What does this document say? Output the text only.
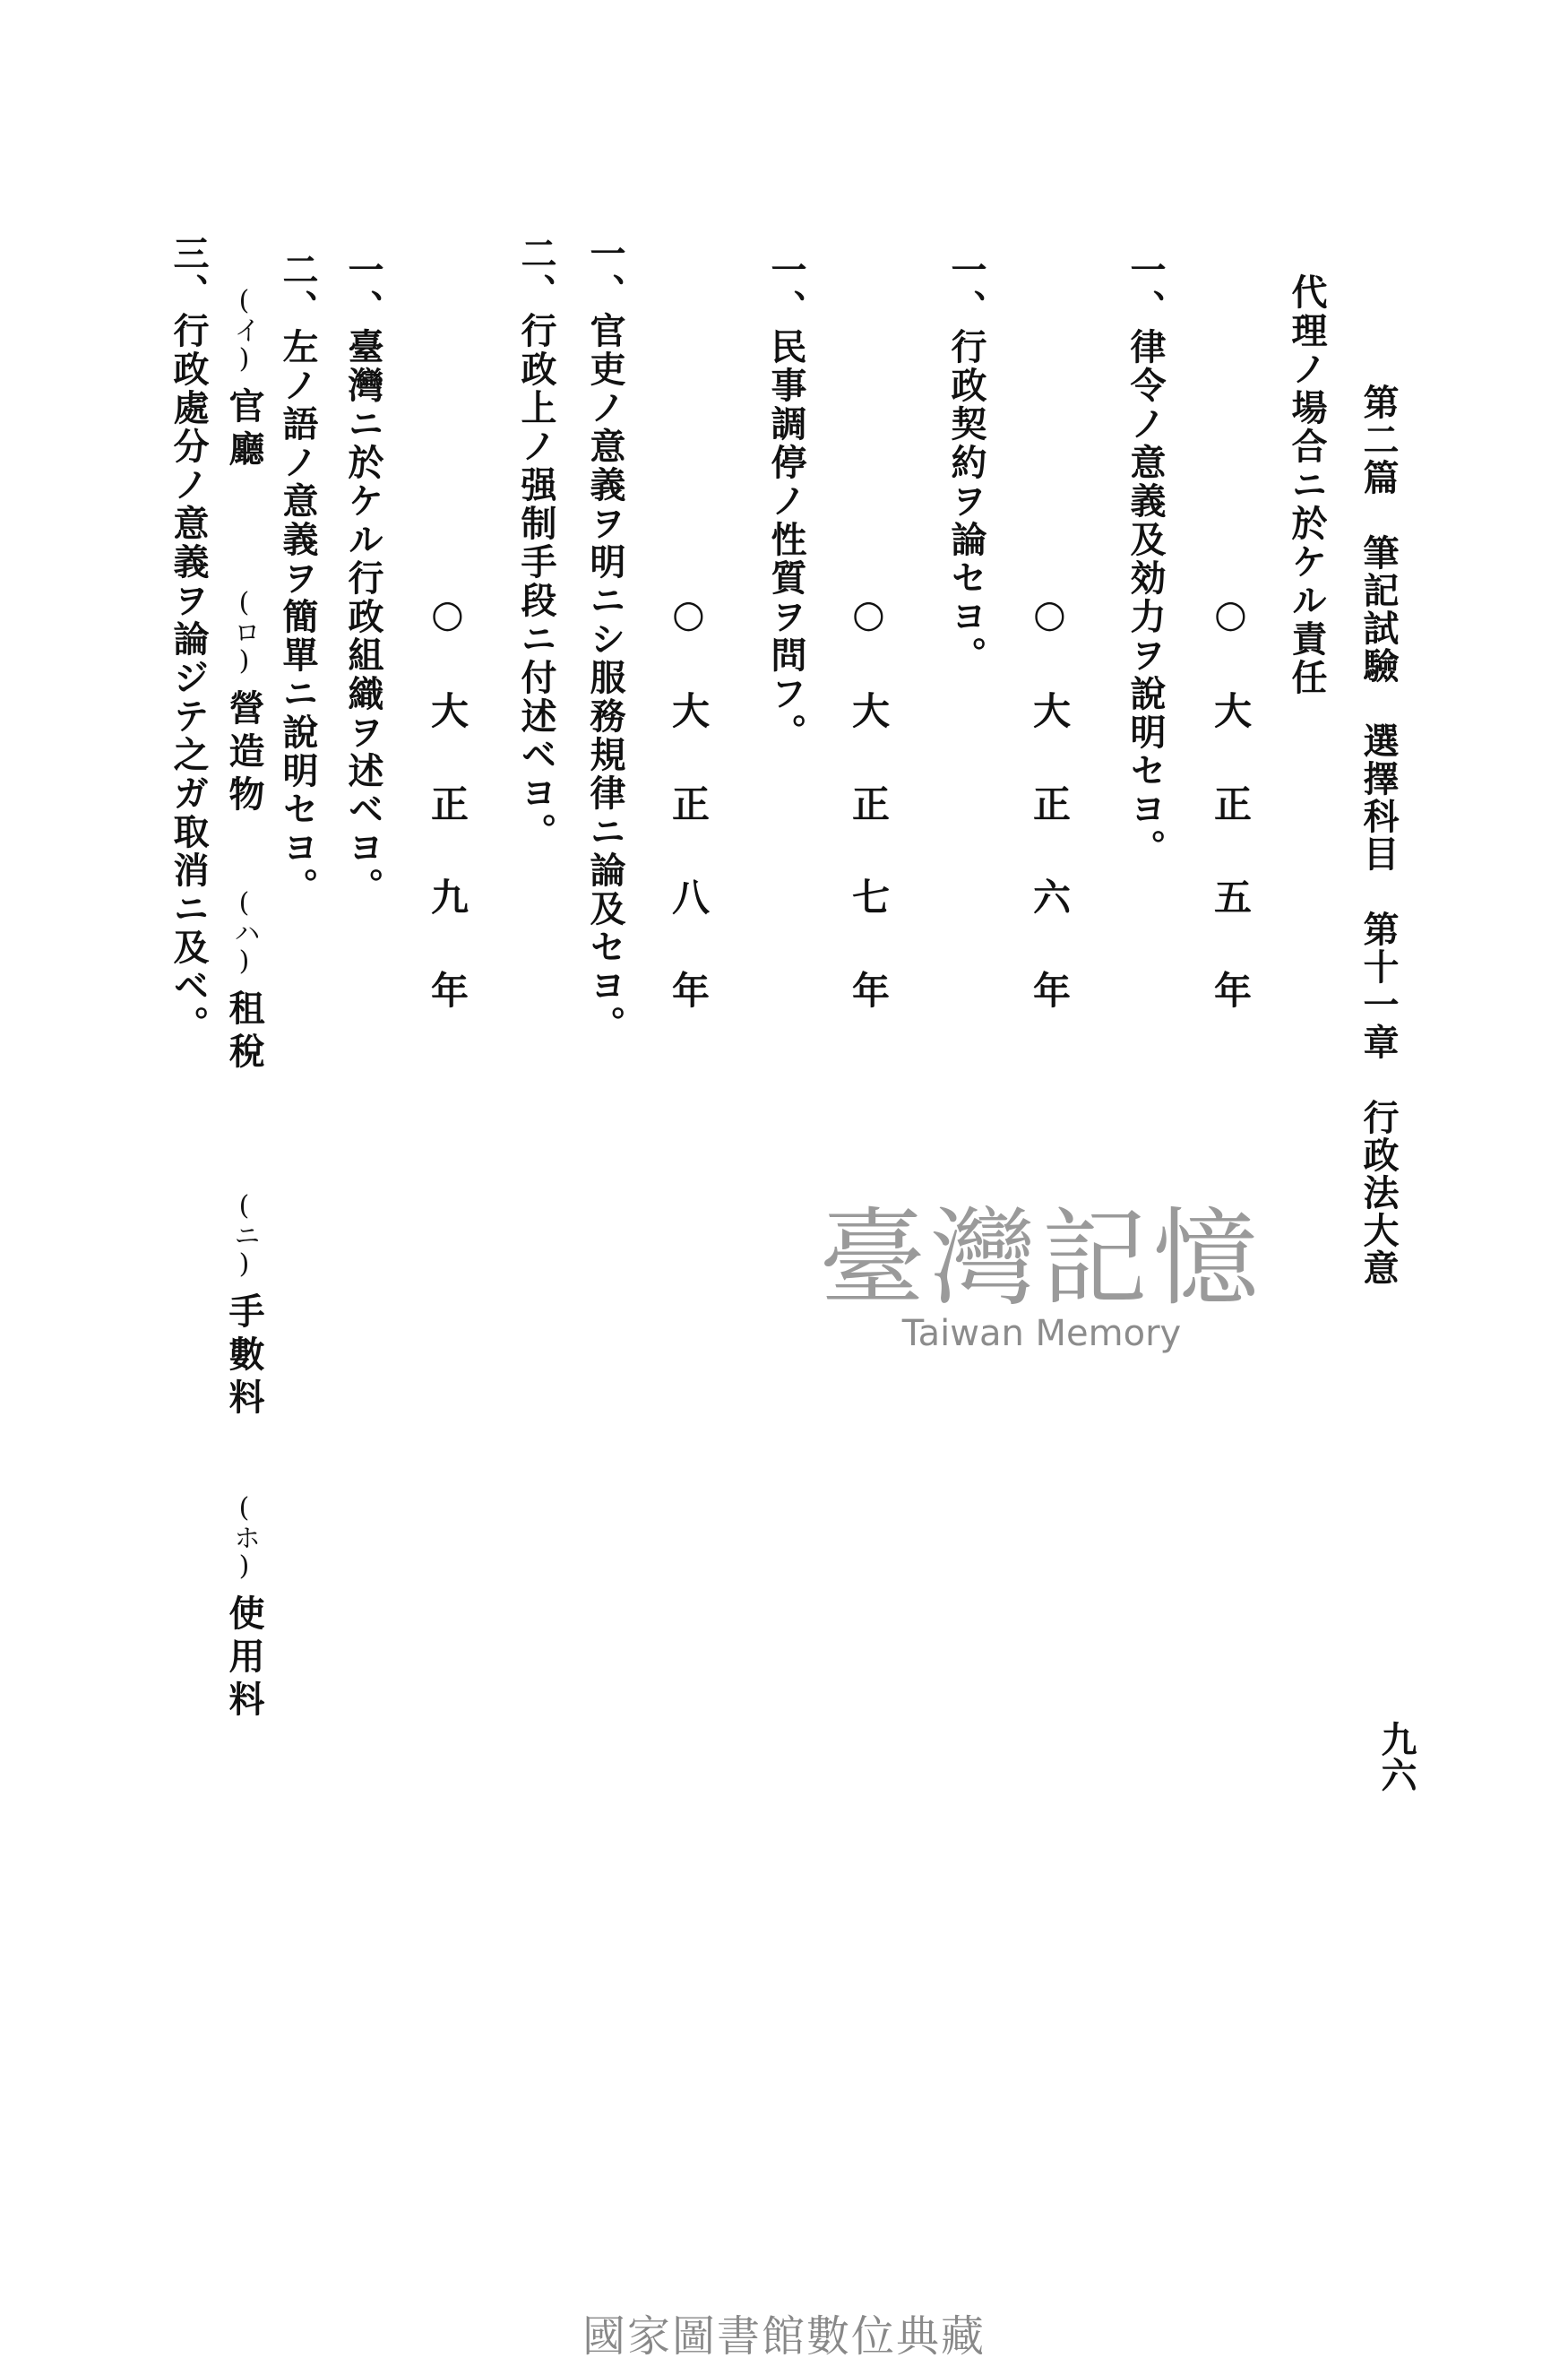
第二篇　筆記試驗　選擇科目　第十一章　行政法大意
九六
代理ノ場合ニ於ケル責任
○大正五年
一、律令ノ意義及効力ヲ說明セヨ。
○大正六年
一、行政契約ヲ論セヨ。
○大正七年
一、民事調停ノ性質ヲ問フ。
○大正八年
一、官吏ノ意義ヲ明ニシ服務規律ニ論及セヨ。
二、行政上ノ强制手段ニ付述ベヨ。
○大正九年
一、臺灣ニ於ケル行政組織ヲ述ベヨ。
二、左ノ語ノ意義ヲ簡單ニ說明セヨ。
(イ)官廳
(ロ)營造物
(ハ)租稅
(ニ)手數料
(ホ)使用料
三、行政處分ノ意義ヲ論ジテ之ガ取消ニ及ベ。
臺灣記憶
Taiwan Memory
國家圖書館數位典藏
